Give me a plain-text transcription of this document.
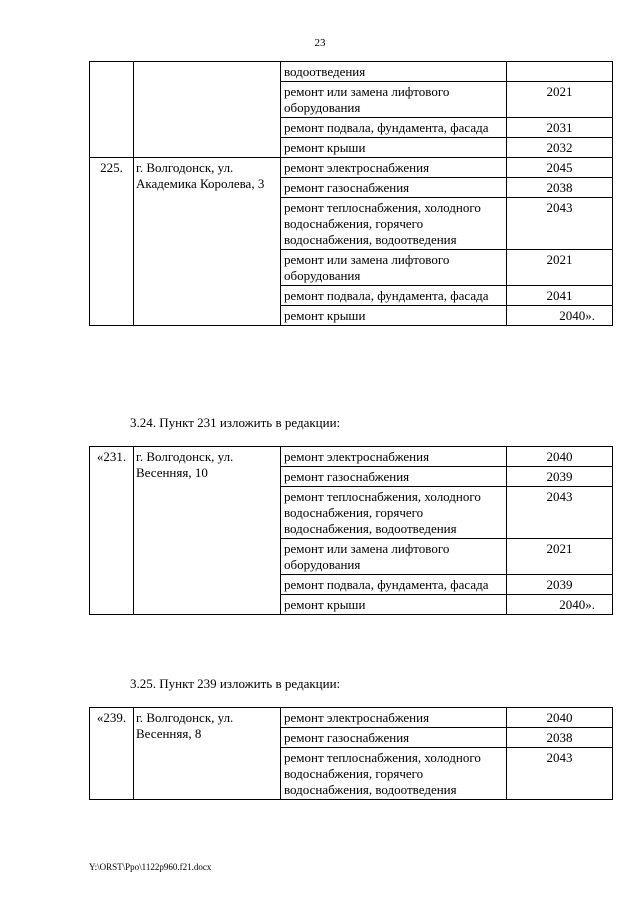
23
		водоотведения	
		ремонт или замена лифтового оборудования	2021
		ремонт подвала, фундамента, фасада	2031
		ремонт крыши	2032
225.	г. Волгодонск, ул. Академика Королева, 3	ремонт электроснабжения	2045
		ремонт газоснабжения	2038
		ремонт теплоснабжения, холодного водоснабжения, горячего водоснабжения, водоотведения	2043
		ремонт или замена лифтового оборудования	2021
		ремонт подвала, фундамента, фасада	2041
		ремонт крыши	2040».
3.24. Пункт 231 изложить в редакции:
«231.	г. Волгодонск, ул. Весенняя, 10	ремонт электроснабжения	2040
		ремонт газоснабжения	2039
		ремонт теплоснабжения, холодного водоснабжения, горячего водоснабжения, водоотведения	2043
		ремонт или замена лифтового оборудования	2021
		ремонт подвала, фундамента, фасада	2039
		ремонт крыши	2040».
3.25. Пункт 239 изложить в редакции:
«239.	г. Волгодонск, ул. Весенняя, 8	ремонт электроснабжения	2040
		ремонт газоснабжения	2038
		ремонт теплоснабжения, холодного водоснабжения, горячего водоснабжения, водоотведения	2043
Y:\ORST\Ppo\1122p960.f21.docx
